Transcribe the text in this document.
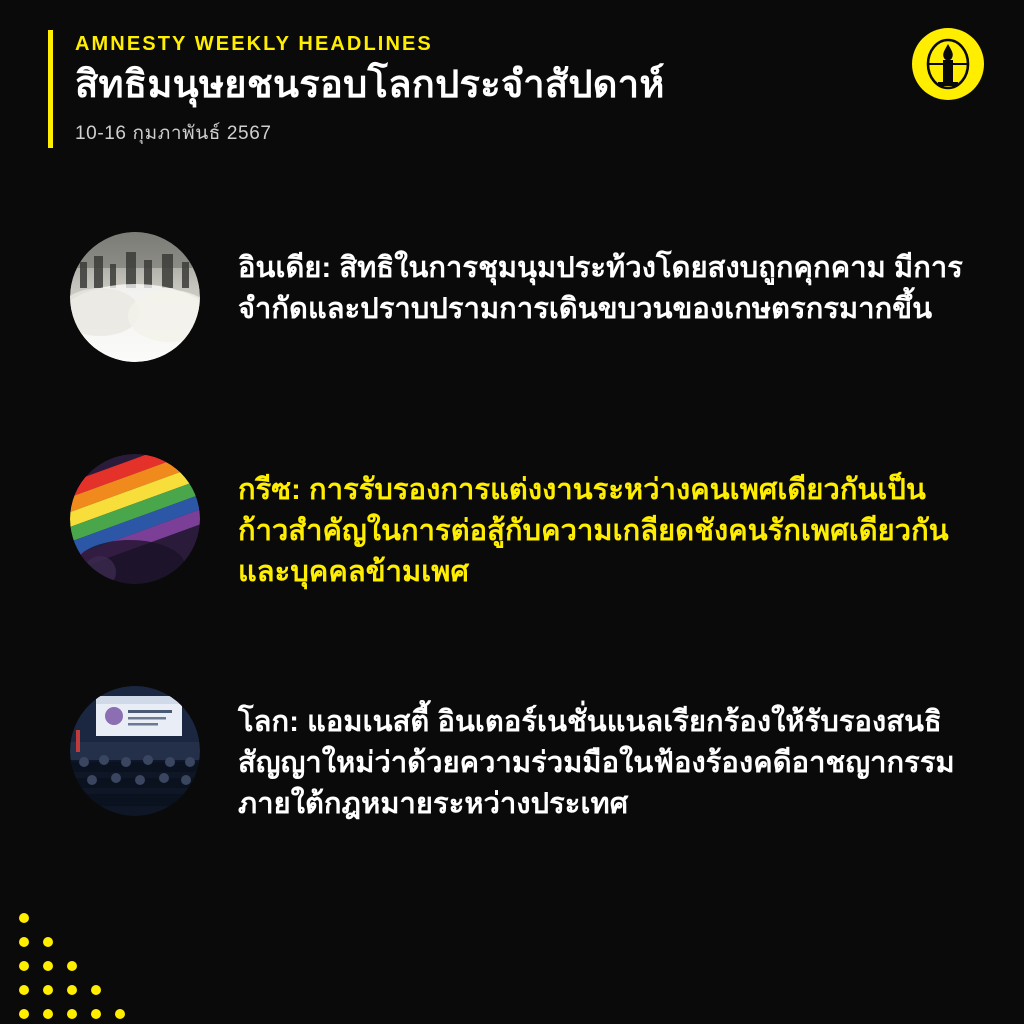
AMNESTY WEEKLY HEADLINES
สิทธิมนุษยชนรอบโลกประจำสัปดาห์
10-16 กุมภาพันธ์ 2567
อินเดีย: สิทธิในการชุมนุมประท้วงโดยสงบถูกคุกคาม มีการจำกัดและปราบปรามการเดินขบวนของเกษตรกรมากขึ้น
กรีซ: การรับรองการแต่งงานระหว่างคนเพศเดียวกันเป็นก้าวสำคัญในการต่อสู้กับความเกลียดชังคนรักเพศเดียวกันและบุคคลข้ามเพศ
โลก: แอมเนสตี้ อินเตอร์เนชั่นแนลเรียกร้องให้รับรองสนธิสัญญาใหม่ว่าด้วยความร่วมมือในฟ้องร้องคดีอาชญากรรมภายใต้กฎหมายระหว่างประเทศ
